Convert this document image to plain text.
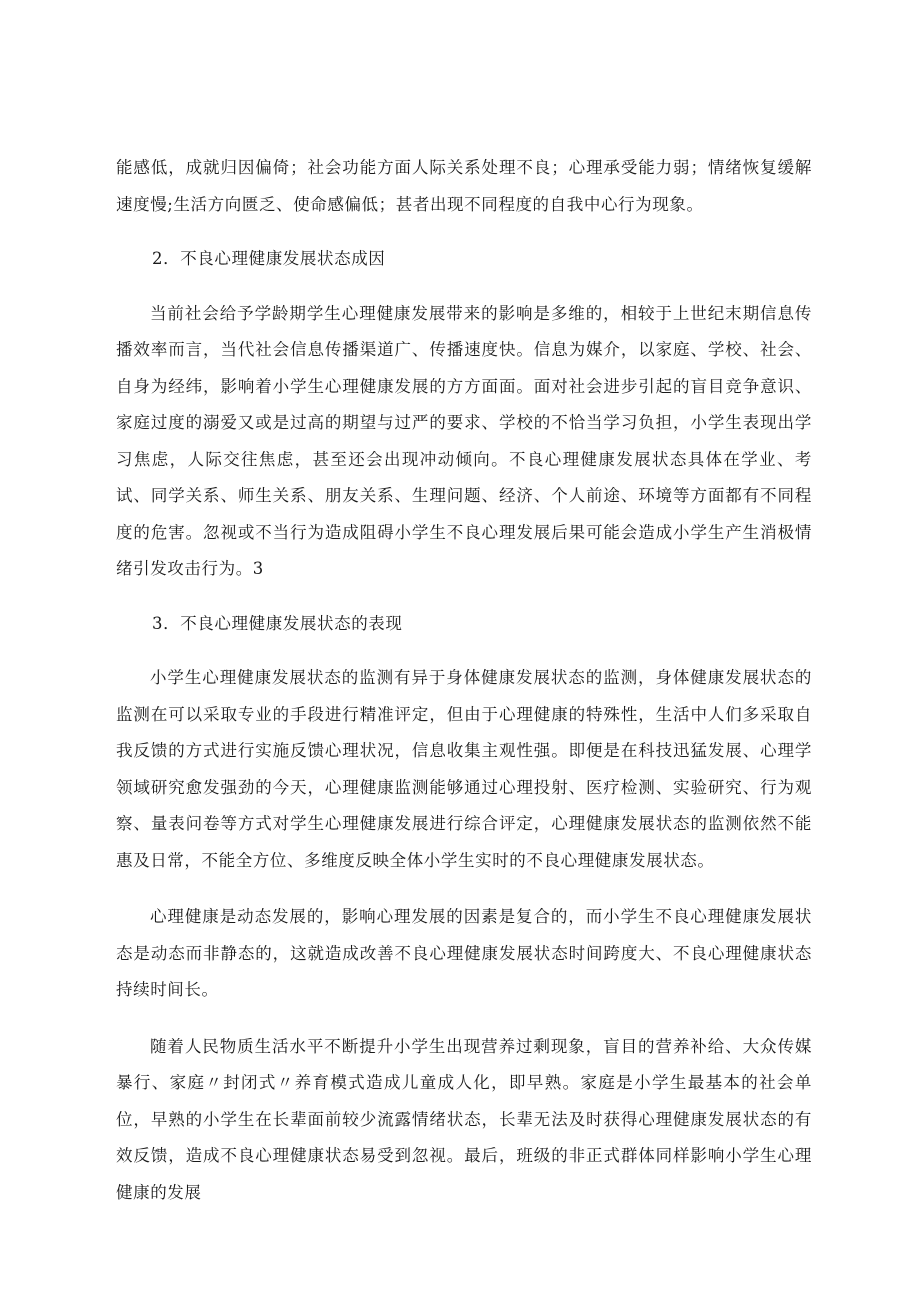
能感低，成就归因偏倚；社会功能方面人际关系处理不良；心理承受能力弱；情绪恢复缓解速度慢;生活方向匮乏、使命感偏低；甚者出现不同程度的自我中心行为现象。

2．不良心理健康发展状态成因

当前社会给予学龄期学生心理健康发展带来的影响是多维的，相较于上世纪末期信息传播效率而言，当代社会信息传播渠道广、传播速度快。信息为媒介，以家庭、学校、社会、自身为经纬，影响着小学生心理健康发展的方方面面。面对社会进步引起的盲目竞争意识、家庭过度的溺爱又或是过高的期望与过严的要求、学校的不恰当学习负担，小学生表现出学习焦虑，人际交往焦虑，甚至还会出现冲动倾向。不良心理健康发展状态具体在学业、考试、同学关系、师生关系、朋友关系、生理问题、经济、个人前途、环境等方面都有不同程度的危害。忽视或不当行为造成阻碍小学生不良心理发展后果可能会造成小学生产生消极情绪引发攻击行为。3

3．不良心理健康发展状态的表现

小学生心理健康发展状态的监测有异于身体健康发展状态的监测，身体健康发展状态的监测在可以采取专业的手段进行精准评定，但由于心理健康的特殊性，生活中人们多采取自我反馈的方式进行实施反馈心理状况，信息收集主观性强。即便是在科技迅猛发展、心理学领域研究愈发强劲的今天，心理健康监测能够通过心理投射、医疗检测、实验研究、行为观察、量表问卷等方式对学生心理健康发展进行综合评定，心理健康发展状态的监测依然不能惠及日常，不能全方位、多维度反映全体小学生实时的不良心理健康发展状态。

心理健康是动态发展的，影响心理发展的因素是复合的，而小学生不良心理健康发展状态是动态而非静态的，这就造成改善不良心理健康发展状态时间跨度大、不良心理健康状态持续时间长。

随着人民物质生活水平不断提升小学生出现营养过剩现象，盲目的营养补给、大众传媒暴行、家庭〃封闭式〃养育模式造成儿童成人化，即早熟。家庭是小学生最基本的社会单位，早熟的小学生在长辈面前较少流露情绪状态，长辈无法及时获得心理健康发展状态的有效反馈，造成不良心理健康状态易受到忽视。最后，班级的非正式群体同样影响小学生心理健康的发展
